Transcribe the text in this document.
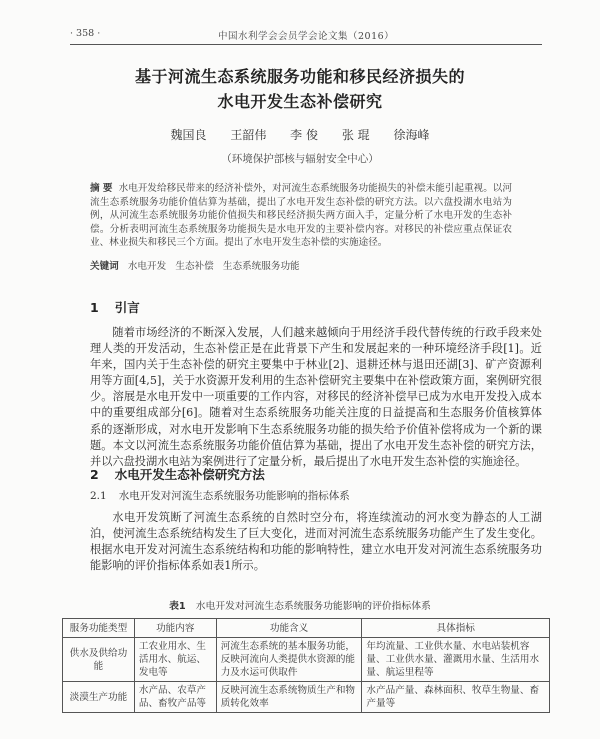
· 358 ·	中国水利学会会员学会论文集（2016）
基于河流生态系统服务功能和移民经济损失的
水电开发生态补偿研究
魏国良 王韶伟 李 俊 张 琨 徐海峰
（环境保护部核与辐射安全中心）
摘 要 水电开发给移民带来的经济补偿外，对河流生态系统服务功能损失的补偿未能引起重视。以河流生态系统服务功能价值估算为基础，提出了水电开发生态补偿的研究方法。以六盘投湖水电站为例，从河流生态系统服务功能价值损失和移民经济损失两方面入手，定量分析了水电开发的生态补偿。分析表明河流生态系统服务功能损失是水电开发的主要补偿内容。对移民的补偿应重点保证农业、林业损失和移民三个方面。提出了水电开发生态补偿的实施途径。
关键词 水电开发 生态补偿 生态系统服务功能
1 引言

随着市场经济的不断深入发展，人们越来越倾向于用经济手段代替传统的行政手段来处理人类的开发活动，生态补偿正是在此背景下产生和发展起来的一种环境经济手段[1]。近年来，国内关于生态补偿的研究主要集中于林业[2]、退耕还林与退田还湖[3]、矿产资源利用等方面[4,5]，关于水资源开发利用的生态补偿研究主要集中在补偿政策方面，案例研究很少。溶展是水电开发中一项重要的工作内容，对移民的经济补偿早已成为水电开发投入成本中的重要组成部分[6]。随着对生态系统服务功能关注度的日益提高和生态服务价值核算体系的逐渐形成，对水电开发影响下生态系统服务功能的损失给予价值补偿将成为一个新的课题。本文以河流生态系统服务功能价值估算为基础，提出了水电开发生态补偿的研究方法，并以六盘投湖水电站为案例进行了定量分析，最后提出了水电开发生态补偿的实施途径。

2 水电开发生态补偿研究方法
2.1 水电开发对河流生态系统服务功能影响的指标体系

水电开发筑断了河流生态系统的自然时空分布，将连续流动的河水变为静态的人工湖泊，使河流生态系统结构发生了巨大变化，进而对河流生态系统服务功能产生了发生变化。根据水电开发对河流生态系统结构和功能的影响特性，建立水电开发对河流生态系统服务功能影响的评价指标体系如表1所示。

表1 水电开发对河流生态系统服务功能影响的评价指标体系
服务功能类型	功能内容	功能含义	具体指标
供水及供给功能	工农业用水、生活用水、航运、发电等	河流生态系统的基本服务功能，反映河流向人类提供水资源的能力及水运可供取件	年均流量、工业供水量、水电站装机容量、工业供水量、灌溉用水量、生活用水量、航运里程等
淡漠生产功能	水产品、农草产品、畜牧产品等	反映河流生态系统物质生产和物质转化效率	水产品产量、森林面积、牧草生物量、畜产量等
